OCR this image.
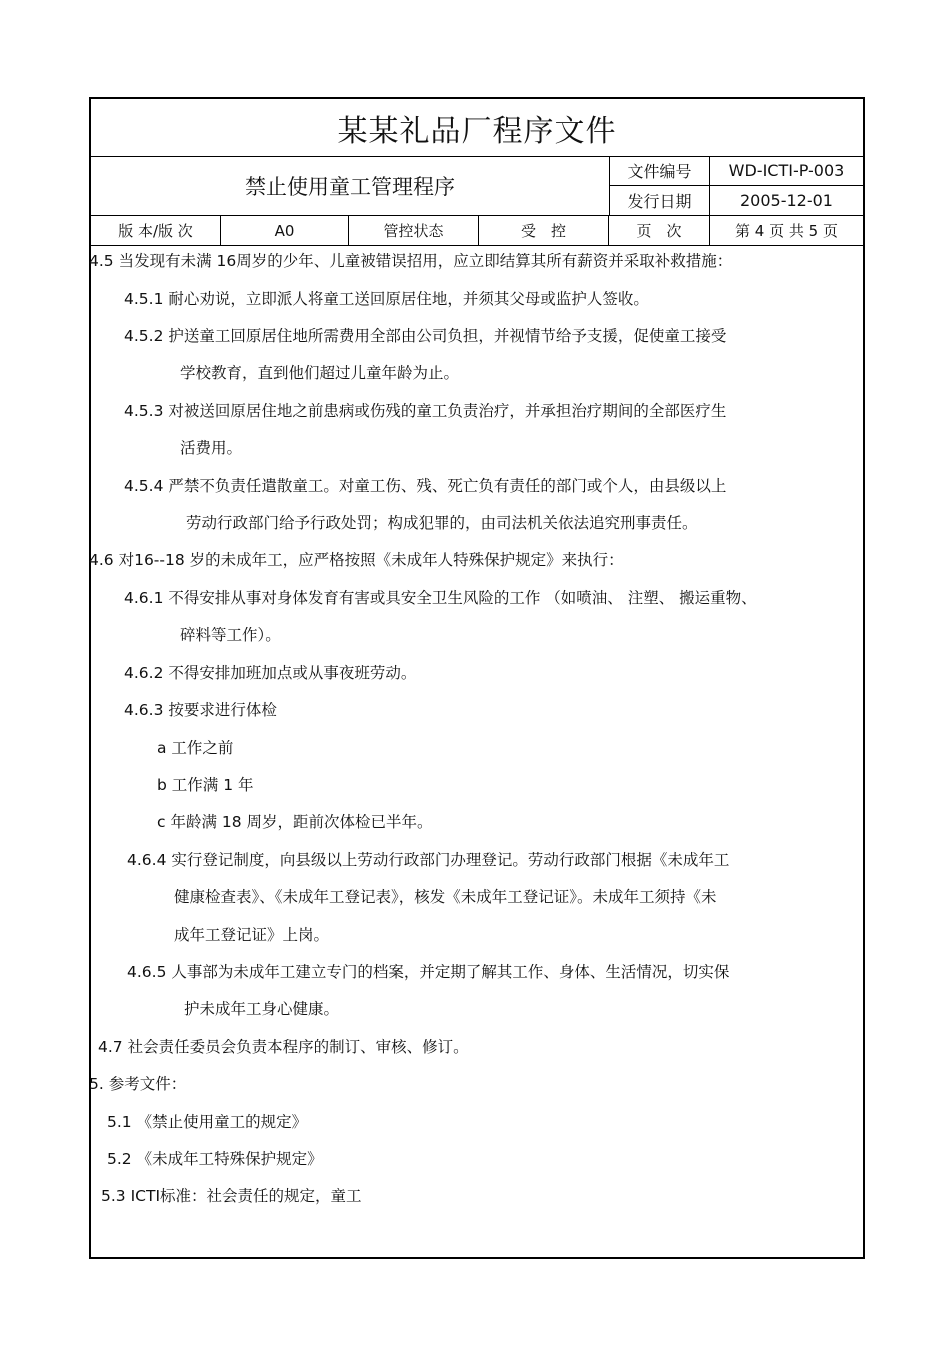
某某礼品厂程序文件
禁止使用童工管理程序
文件编号	WD-ICTI-P-003
发行日期	2005-12-01
版 本/版 次	A0	管控状态	受　控	页　次	第 4 页 共 5 页
4.5 当发现有未满 16周岁的少年、儿童被错误招用，应立即结算其所有薪资并采取补救措施：
4.5.1 耐心劝说，立即派人将童工送回原居住地，并须其父母或监护人签收。
4.5.2 护送童工回原居住地所需费用全部由公司负担，并视情节给予支援，促使童工接受
学校教育，直到他们超过儿童年龄为止。
4.5.3 对被送回原居住地之前患病或伤残的童工负责治疗，并承担治疗期间的全部医疗生
活费用。
4.5.4 严禁不负责任遣散童工。对童工伤、残、死亡负有责任的部门或个人，由县级以上
劳动行政部门给予行政处罚；构成犯罪的，由司法机关依法追究刑事责任。
4.6 对16--18 岁的未成年工，应严格按照《未成年人特殊保护规定》来执行：
4.6.1 不得安排从事对身体发育有害或具安全卫生风险的工作 （如喷油、 注塑、 搬运重物、
碎料等工作）。
4.6.2 不得安排加班加点或从事夜班劳动。
4.6.3 按要求进行体检
a 工作之前
b 工作满 1 年
c 年龄满 18 周岁，距前次体检已半年。
4.6.4 实行登记制度，向县级以上劳动行政部门办理登记。劳动行政部门根据《未成年工
健康检查表》、《未成年工登记表》，核发《未成年工登记证》。未成年工须持《未
成年工登记证》上岗。
4.6.5 人事部为未成年工建立专门的档案，并定期了解其工作、身体、生活情况，切实保
护未成年工身心健康。
4.7 社会责任委员会负责本程序的制订、审核、修订。
5. 参考文件：
5.1 《禁止使用童工的规定》
5.2 《未成年工特殊保护规定》
5.3 ICTI标准：社会责任的规定，童工
